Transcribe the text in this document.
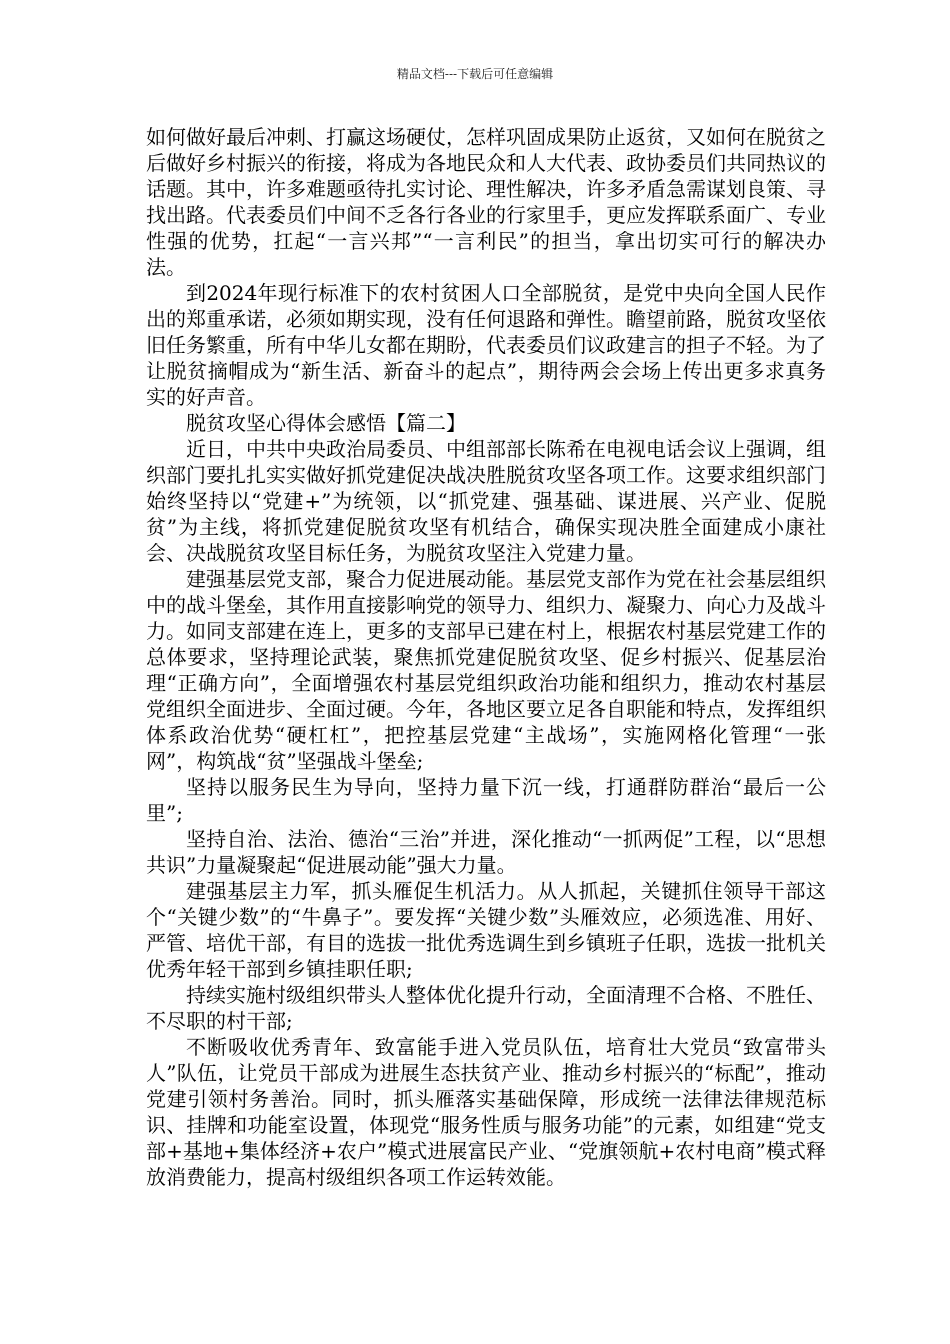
精品文档---下载后可任意编辑

如何做好最后冲刺、打赢这场硬仗，怎样巩固成果防止返贫，又如何在脱贫之后做好乡村振兴的衔接，将成为各地民众和人大代表、政协委员们共同热议的话题。其中，许多难题亟待扎实讨论、理性解决，许多矛盾急需谋划良策、寻找出路。代表委员们中间不乏各行各业的行家里手，更应发挥联系面广、专业性强的优势，扛起“一言兴邦”“一言利民”的担当，拿出切实可行的解决办法。

到2024年现行标准下的农村贫困人口全部脱贫，是党中央向全国人民作出的郑重承诺，必须如期实现，没有任何退路和弹性。瞻望前路，脱贫攻坚依旧任务繁重，所有中华儿女都在期盼，代表委员们议政建言的担子不轻。为了让脱贫摘帽成为“新生活、新奋斗的起点”，期待两会会场上传出更多求真务实的好声音。

脱贫攻坚心得体会感悟【篇二】

近日，中共中央政治局委员、中组部部长陈希在电视电话会议上强调，组织部门要扎扎实实做好抓党建促决战决胜脱贫攻坚各项工作。这要求组织部门始终坚持以“党建+”为统领，以“抓党建、强基础、谋进展、兴产业、促脱贫”为主线，将抓党建促脱贫攻坚有机结合，确保实现决胜全面建成小康社会、决战脱贫攻坚目标任务，为脱贫攻坚注入党建力量。

建强基层党支部，聚合力促进展动能。基层党支部作为党在社会基层组织中的战斗堡垒，其作用直接影响党的领导力、组织力、凝聚力、向心力及战斗力。如同支部建在连上，更多的支部早已建在村上，根据农村基层党建工作的总体要求，坚持理论武装，聚焦抓党建促脱贫攻坚、促乡村振兴、促基层治理“正确方向”，全面增强农村基层党组织政治功能和组织力，推动农村基层党组织全面进步、全面过硬。今年，各地区要立足各自职能和特点，发挥组织体系政治优势“硬杠杠”，把控基层党建“主战场”，实施网格化管理“一张网”，构筑战“贫”坚强战斗堡垒;

坚持以服务民生为导向，坚持力量下沉一线，打通群防群治“最后一公里”;

坚持自治、法治、德治“三治”并进，深化推动“一抓两促”工程，以“思想共识”力量凝聚起“促进展动能”强大力量。

建强基层主力军，抓头雁促生机活力。从人抓起，关键抓住领导干部这个“关键少数”的“牛鼻子”。要发挥“关键少数”头雁效应，必须选准、用好、严管、培优干部，有目的选拔一批优秀选调生到乡镇班子任职，选拔一批机关优秀年轻干部到乡镇挂职任职;

持续实施村级组织带头人整体优化提升行动，全面清理不合格、不胜任、不尽职的村干部;

不断吸收优秀青年、致富能手进入党员队伍，培育壮大党员“致富带头人”队伍，让党员干部成为进展生态扶贫产业、推动乡村振兴的“标配”，推动党建引领村务善治。同时，抓头雁落实基础保障，形成统一法律法律规范标识、挂牌和功能室设置，体现党“服务性质与服务功能”的元素，如组建“党支部+基地+集体经济+农户”模式进展富民产业、“党旗领航+农村电商”模式释放消费能力，提高村级组织各项工作运转效能。
